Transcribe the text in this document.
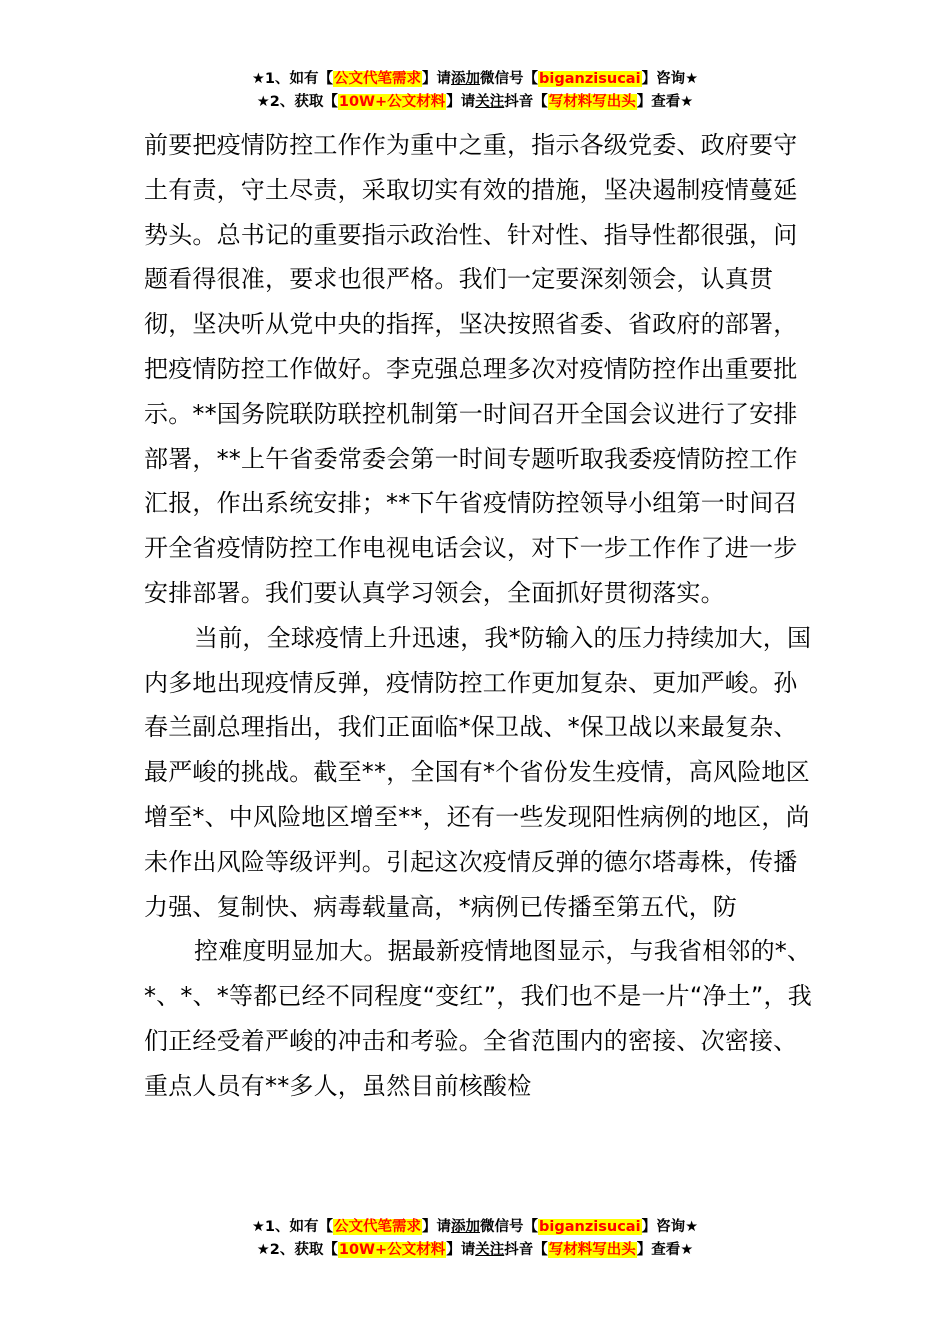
★1、如有【公文代笔需求】请添加微信号【biganzisucai】咨询★
★2、获取【10W+公文材料】请关注抖音【写材料写出头】查看★

前要把疫情防控工作作为重中之重，指示各级党委、政府要守土有责，守土尽责，采取切实有效的措施，坚决遏制疫情蔓延势头。总书记的重要指示政治性、针对性、指导性都很强，问题看得很准，要求也很严格。我们一定要深刻领会，认真贯彻，坚决听从党中央的指挥，坚决按照省委、省政府的部署，把疫情防控工作做好。李克强总理多次对疫情防控作出重要批示。**国务院联防联控机制第一时间召开全国会议进行了安排部署，**上午省委常委会第一时间专题听取我委疫情防控工作汇报，作出系统安排；**下午省疫情防控领导小组第一时间召开全省疫情防控工作电视电话会议，对下一步工作作了进一步安排部署。我们要认真学习领会，全面抓好贯彻落实。

当前，全球疫情上升迅速，我*防输入的压力持续加大，国内多地出现疫情反弹，疫情防控工作更加复杂、更加严峻。孙春兰副总理指出，我们正面临*保卫战、*保卫战以来最复杂、最严峻的挑战。截至**，全国有*个省份发生疫情，高风险地区增至*、中风险地区增至**，还有一些发现阳性病例的地区，尚未作出风险等级评判。引起这次疫情反弹的德尔塔毒株，传播力强、复制快、病毒载量高，*病例已传播至第五代，防

控难度明显加大。据最新疫情地图显示，与我省相邻的*、*、*、*等都已经不同程度“变红”，我们也不是一片“净土”，我们正经受着严峻的冲击和考验。全省范围内的密接、次密接、重点人员有**多人，虽然目前核酸检

★1、如有【公文代笔需求】请添加微信号【biganzisucai】咨询★
★2、获取【10W+公文材料】请关注抖音【写材料写出头】查看★
